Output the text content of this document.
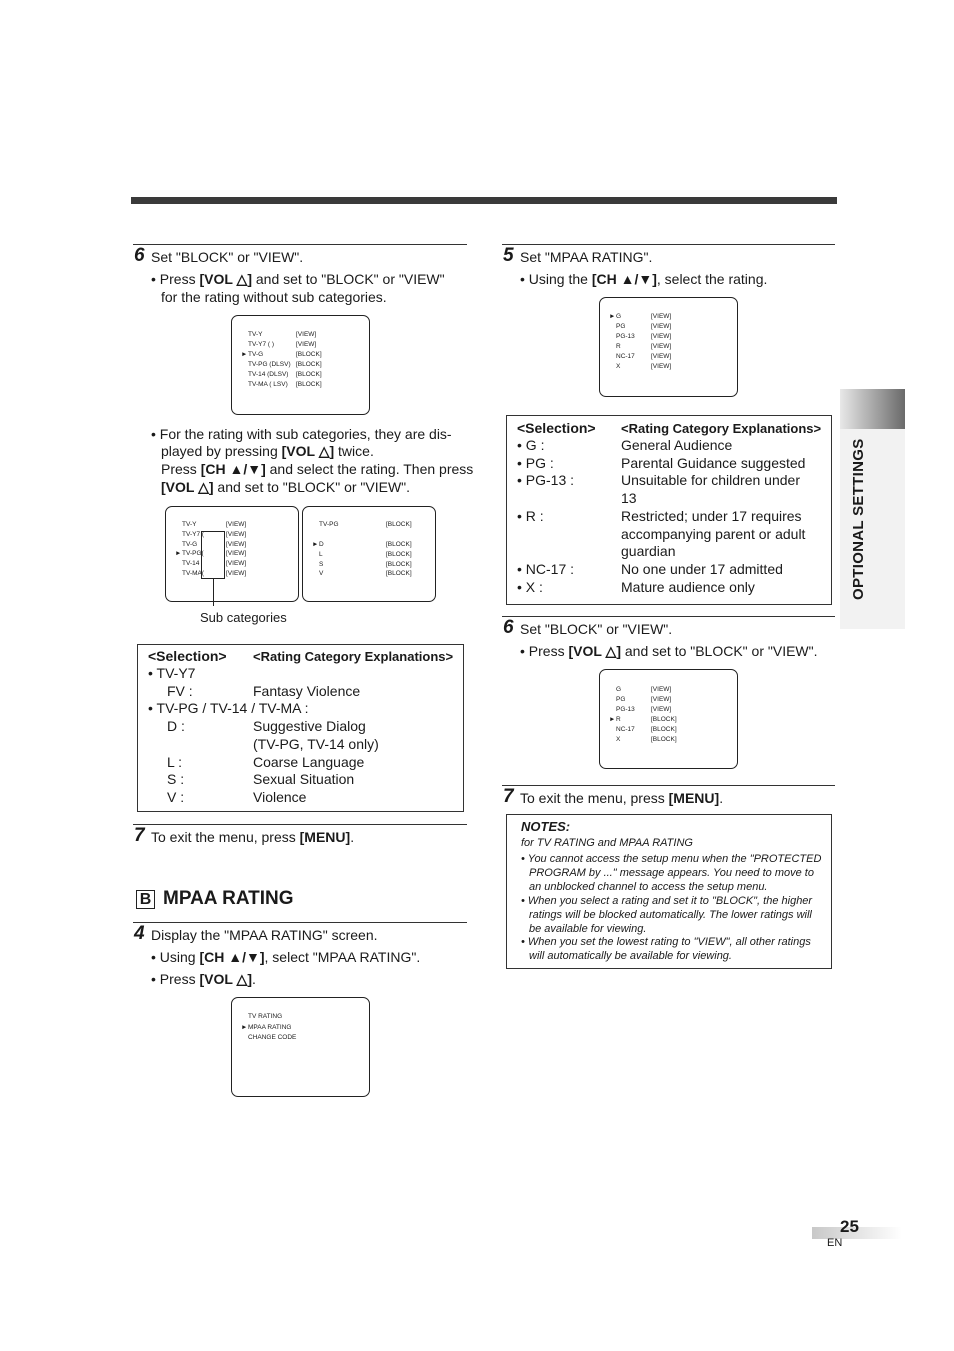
OPTIONAL SETTINGS
6 Set "BLOCK" or "VIEW".
• Press [VOL △] and set to "BLOCK" or "VIEW"
for the rating without sub categories.
TV-Y	[VIEW]
TV-Y7 ( )	[VIEW]
► TV-G	[BLOCK]
TV-PG (DLSV) [BLOCK]
TV-14 (DLSV) [BLOCK]
TV-MA ( LSV) [BLOCK]
• For the rating with sub categories, they are dis-
played by pressing [VOL △] twice.
Press [CH ▲/▼] and select the rating. Then press
[VOL △] and set to "BLOCK" or "VIEW".
TV-Y	[VIEW]
TV-Y7 (	[VIEW]
TV-G	[VIEW]
► TV-PG(	[VIEW]
TV-14	[VIEW]
TV-MA(	[VIEW]
TV-PG	[BLOCK]
► D	[BLOCK]
L	[BLOCK]
S	[BLOCK]
V	[BLOCK]
Sub categories
<Selection> <Rating Category Explanations>
• TV-Y7
FV :	Fantasy Violence
• TV-PG / TV-14 / TV-MA :
D :	Suggestive Dialog
(TV-PG, TV-14 only)
L :	Coarse Language
S :	Sexual Situation
V :	Violence
7 To exit the menu, press [MENU].
B MPAA RATING
4 Display the "MPAA RATING" screen.
• Using [CH ▲/▼], select "MPAA RATING".
• Press [VOL △].
TV RATING
► MPAA RATING
CHANGE CODE
5 Set "MPAA RATING".
• Using the [CH ▲/▼], select the rating.
► G	[VIEW]
PG	[VIEW]
PG-13 [VIEW]
R	[VIEW]
NC-17 [VIEW]
X	[VIEW]
<Selection> <Rating Category Explanations>
• G :	General Audience
• PG :	Parental Guidance suggested
• PG-13 :	Unsuitable for children under
13
• R :	Restricted; under 17 requires
accompanying parent or adult
guardian
• NC-17 :	No one under 17 admitted
• X :	Mature audience only
6 Set "BLOCK" or "VIEW".
• Press [VOL △] and set to "BLOCK" or "VIEW".
G	[VIEW]
PG	[VIEW]
PG-13 [VIEW]
► R	[BLOCK]
NC-17 [BLOCK]
X	[BLOCK]
7 To exit the menu, press [MENU].
NOTES:
for TV RATING and MPAA RATING
• You cannot access the setup menu when the "PROTECTED
PROGRAM by ..." message appears. You need to move to
an unblocked channel to access the setup menu.
• When you select a rating and set it to "BLOCK", the higher
ratings will be blocked automatically. The lower ratings will
be available for viewing.
• When you set the lowest rating to "VIEW", all other ratings
will automatically be available for viewing.
25
EN
